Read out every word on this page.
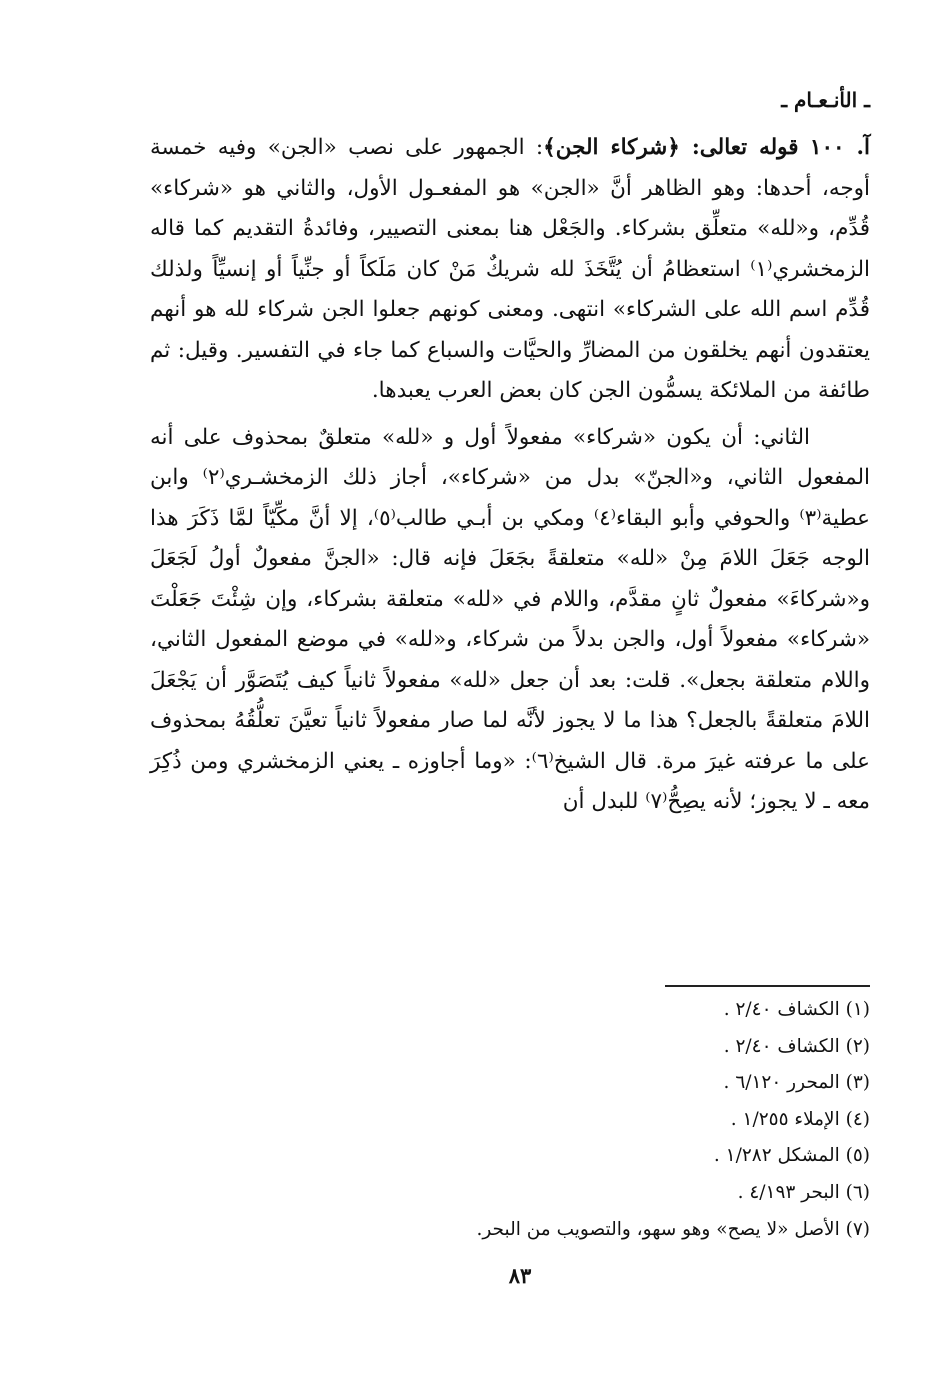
ـ الأنـعـام ـ

آ. ١٠٠ قوله تعالى: ﴿شركاء الجن﴾: الجمهور على نصب «الجن» وفيه خمسة أوجه، أحدها: وهو الظاهر أنَّ «الجن» هو المفعـول الأول، والثاني هو «شركاء» قُدِّم، و«لله» متعلِّق بشركاء. والجَعْل هنا بمعنى التصيير، وفائدةُ التقديم كما قاله الزمخشري⁽١⁾ استعظامُ أن يُتَّخَذَ لله شريكٌ مَنْ كان مَلَكاً أو جنِّياً أو إنسيِّاً ولذلك قُدِّم اسم الله على الشركاء» انتهى. ومعنى كونهم جعلوا الجن شركاء لله هو أنهم يعتقدون أنهم يخلقون من المضارِّ والحيَّات والسباع كما جاء في التفسير. وقيل: ثم طائفة من الملائكة يسمُّون الجن كان بعض العرب يعبدها.

الثاني: أن يكون «شركاء» مفعولاً أول و «لله» متعلقٌ بمحذوف على أنه المفعول الثاني، و«الجنّ» بدل من «شركاء»، أجاز ذلك الزمخشـري⁽٢⁾ وابن عطية⁽٣⁾ والحوفي وأبو البقاء⁽٤⁾ ومكي بن أبـي طالب⁽٥⁾، إلا أنَّ مكِّيّاً لمَّا ذَكَرَ هذا الوجه جَعَلَ اللامَ مِنْ «لله» متعلقةً بجَعَلَ فإنه قال: «الجنَّ مفعولٌ أولُ لَجَعَلَ و«شركاءَ» مفعولٌ ثانٍ مقدَّم، واللام في «لله» متعلقة بشركاء، وإن شِئْتَ جَعَلْتَ «شركاء» مفعولاً أول، والجن بدلاً من شركاء، و«لله» في موضع المفعول الثاني، واللام متعلقة بجعل». قلت: بعد أن جعل «لله» مفعولاً ثانياً كيف يُتَصَوَّر أن يَجْعَلَ اللامَ متعلقةً بالجعل؟ هذا ما لا يجوز لأنَّه لما صار مفعولاً ثانياً تعيَّنَ تعلُّقُهُ بمحذوف على ما عرفته غيرَ مرة. قال الشيخ⁽٦⁾: «وما أجاوزه ـ يعني الزمخشري ومن ذُكِرَ معه ـ لا يجوز؛ لأنه يصِحُّ⁽٧⁾ للبدل أن

(١) الكشاف ٢/٤٠ .
(٢) الكشاف ٢/٤٠ .
(٣) المحرر ٦/١٢٠ .
(٤) الإملاء ١/٢٥٥ .
(٥) المشكل ١/٢٨٢ .
(٦) البحر ٤/١٩٣ .
(٧) الأصل «لا يصح» وهو سهو، والتصويب من البحر.
٨٣
